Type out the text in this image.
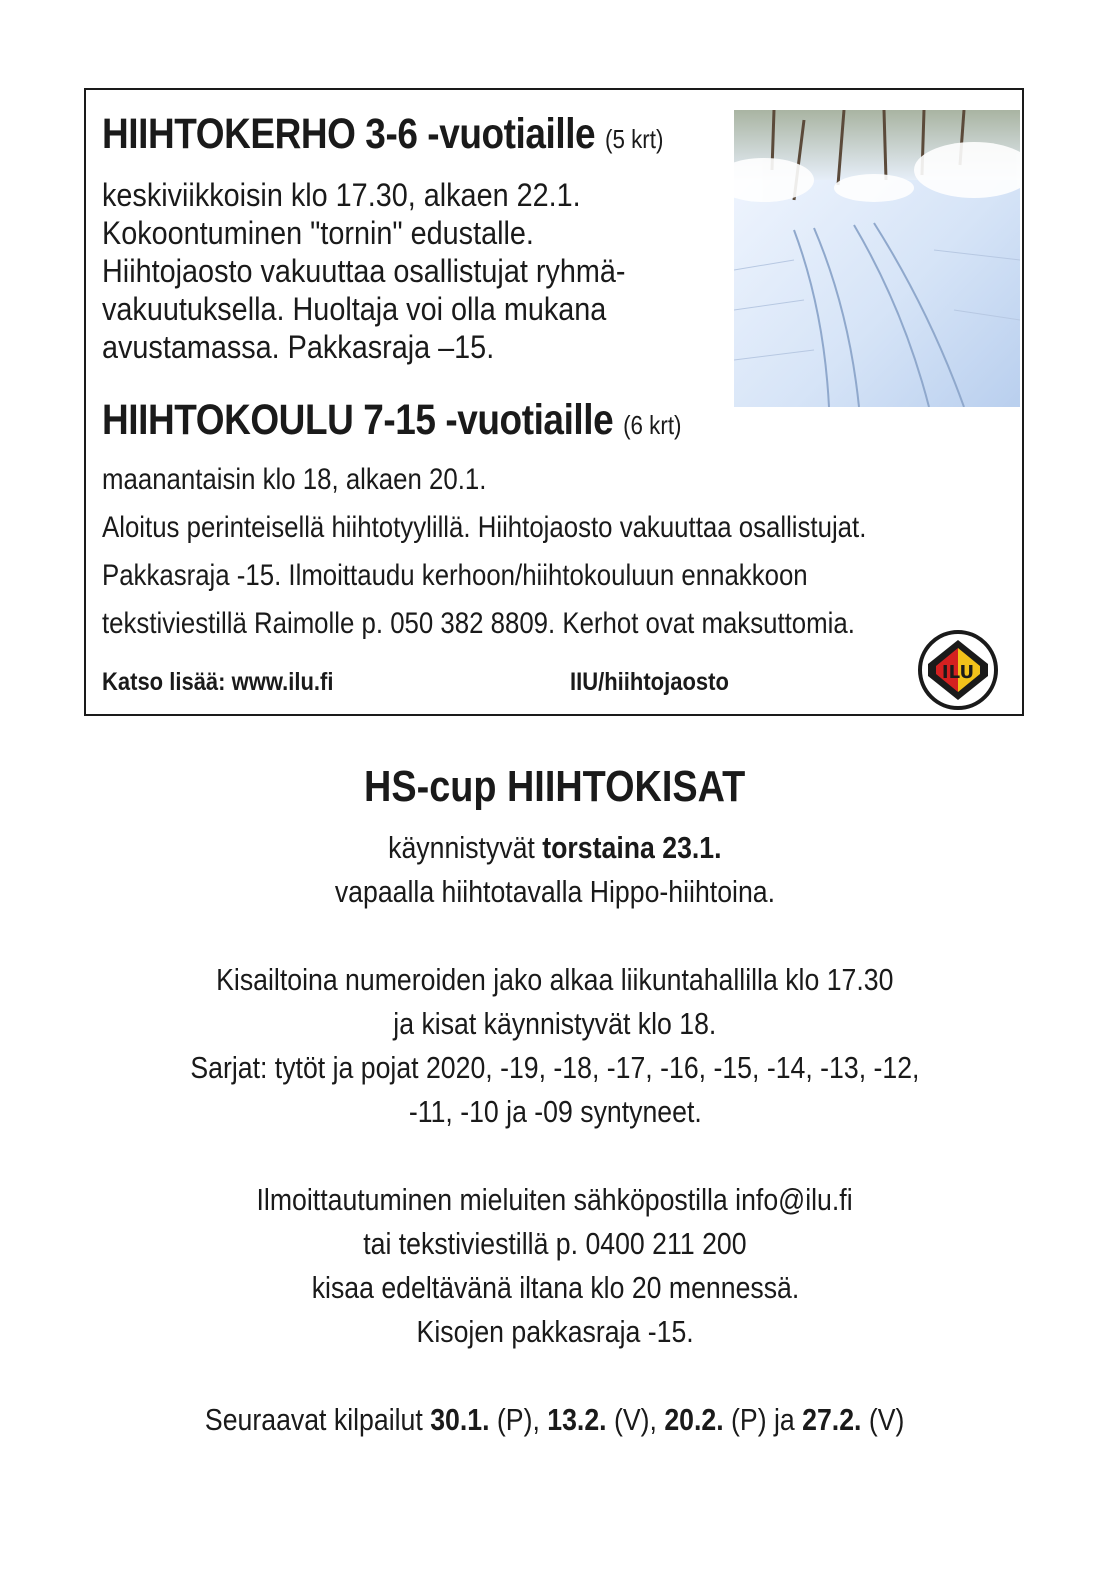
HIIHTOKERHO 3-6 -vuotiaille (5 krt)
keskiviikkoisin klo 17.30, alkaen 22.1.
Kokoontuminen "tornin" edustalle.
Hiihtojaosto vakuuttaa osallistujat ryhmä-
vakuutuksella. Huoltaja voi olla mukana
avustamassa. Pakkasraja –15.
HIIHTOKOULU 7-15 -vuotiaille (6 krt)
maanantaisin klo 18, alkaen 20.1.
Aloitus perinteisellä hiihtotyylillä. Hiihtojaosto vakuuttaa osallistujat.
Pakkasraja -15. Ilmoittaudu kerhoon/hiihtokouluun ennakkoon
tekstiviestillä Raimolle p. 050 382 8809. Kerhot ovat maksuttomia.
Katso lisää: www.ilu.fi	IIU/hiihtojaosto	ILU
HS-cup HIIHTOKISAT
käynnistyvät torstaina 23.1.
vapaalla hiihtotavalla Hippo-hiihtoina.
Kisailtoina numeroiden jako alkaa liikuntahallilla klo 17.30
ja kisat käynnistyvät klo 18.
Sarjat: tytöt ja pojat 2020, -19, -18, -17, -16, -15, -14, -13, -12,
-11, -10 ja -09 syntyneet.
Ilmoittautuminen mieluiten sähköpostilla info@ilu.fi
tai tekstiviestillä p. 0400 211 200
kisaa edeltävänä iltana klo 20 mennessä.
Kisojen pakkasraja -15.
Seuraavat kilpailut 30.1. (P), 13.2. (V), 20.2. (P) ja 27.2. (V)
